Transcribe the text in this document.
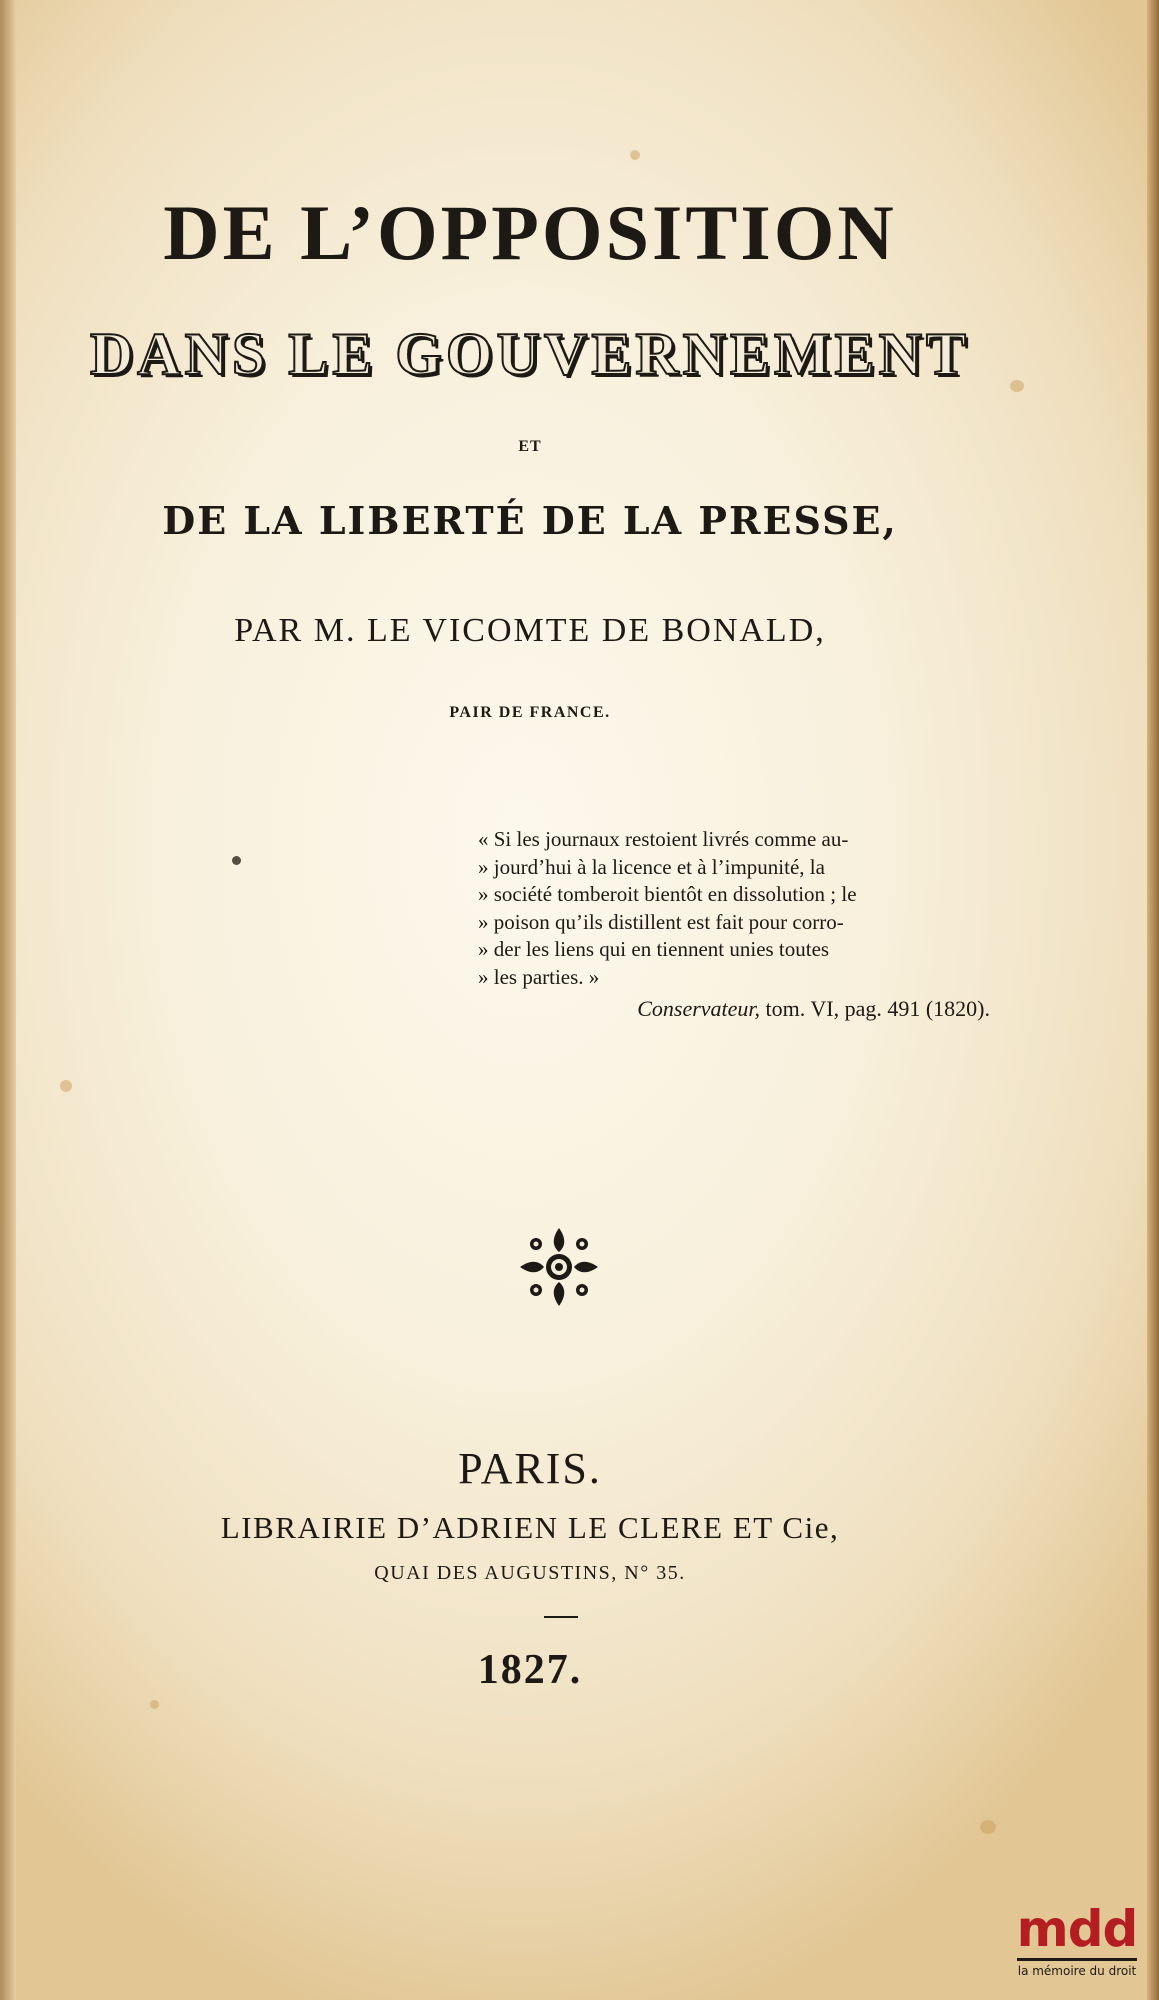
DE L’OPPOSITION
DANS LE GOUVERNEMENT
ET
DE LA LIBERTÉ DE LA PRESSE,
PAR M. LE VICOMTE DE BONALD,
PAIR DE FRANCE.
« Si les journaux restoient livrés comme au-
» jourd’hui à la licence et à l’impunité, la
» société tomberoit bientôt en dissolution ; le
» poison qu’ils distillent est fait pour corro-
» der les liens qui en tiennent unies toutes
» les parties. »
Conservateur, tom. VI, pag. 491 (1820).
PARIS.
LIBRAIRIE D’ADRIEN LE CLERE ET Cie,
QUAI DES AUGUSTINS, N° 35.
1827.
mdd
la mémoire du droit
